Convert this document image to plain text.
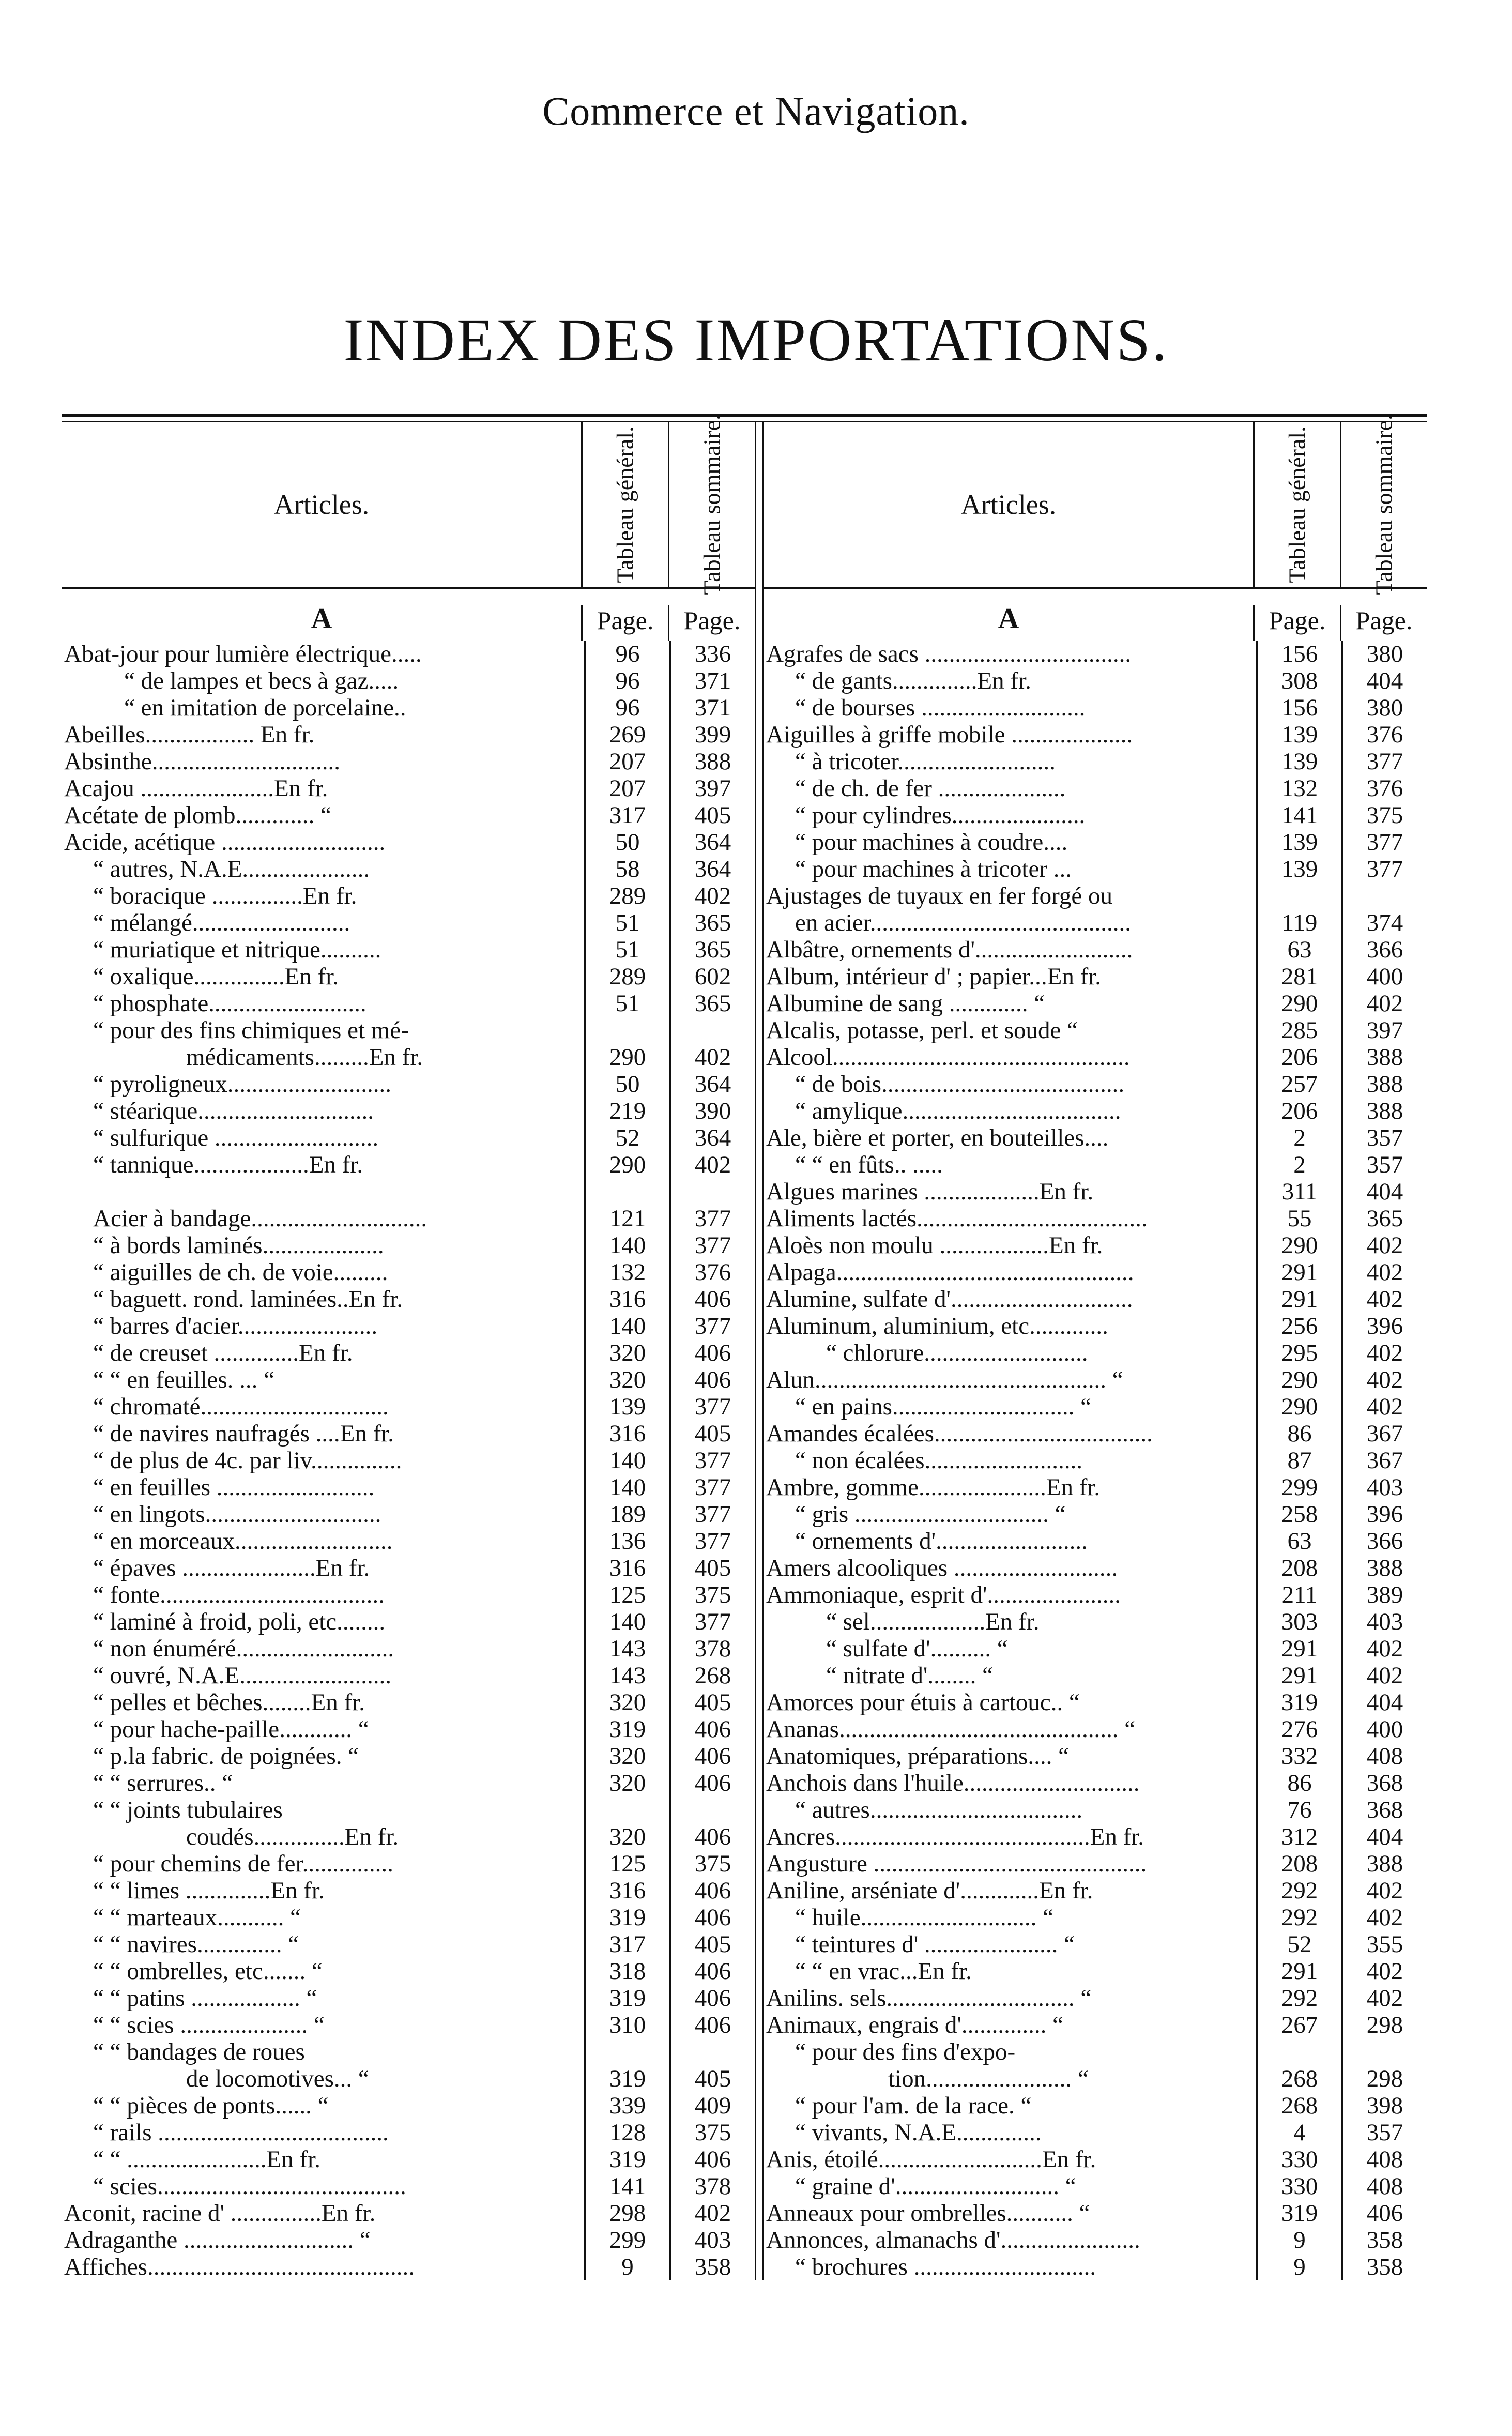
Commerce et Navigation.
INDEX DES IMPORTATIONS.
Articles.	Tableau général.	Tableau sommaire.
A	Page.	Page.
Abat-jour pour lumière électrique.....	96	336
“ de lampes et becs à gaz.....	96	371
“ en imitation de porcelaine..	96	371
Abeilles.................. En fr.	269	399
Absinthe...............................	207	388
Acajou ......................En fr.	207	397
Acétate de plomb............. “	317	405
Acide, acétique ...........................	50	364
“ autres, N.A.E.....................	58	364
“ boracique ...............En fr.	289	402
“ mélangé..........................	51	365
“ muriatique et nitrique..........	51	365
“ oxalique...............En fr.	289	602
“ phosphate..........................	51	365
“ pour des fins chimiques et mé-
médicaments.........En fr.	290	402
“ pyroligneux...........................	50	364
“ stéarique.............................	219	390
“ sulfurique ...........................	52	364
“ tannique...................En fr.	290	402
Acier à bandage.............................	121	377
“ à bords laminés....................	140	377
“ aiguilles de ch. de voie.........	132	376
“ baguett. rond. laminées..En fr.	316	406
“ barres d'acier.......................	140	377
“ de creuset ..............En fr.	320	406
“ “ en feuilles. ... “	320	406
“ chromaté...............................	139	377
“ de navires naufragés ....En fr.	316	405
“ de plus de 4c. par liv...............	140	377
“ en feuilles ..........................	140	377
“ en lingots.............................	189	377
“ en morceaux..........................	136	377
“ épaves ......................En fr.	316	405
“ fonte.....................................	125	375
“ laminé à froid, poli, etc........	140	377
“ non énuméré..........................	143	378
“ ouvré, N.A.E.........................	143	268
“ pelles et bêches........En fr.	320	405
“ pour hache-paille............ “	319	406
“ p.la fabric. de poignées. “	320	406
“ “ serrures.. “	320	406
“ “ joints tubulaires
coudés...............En fr.	320	406
“ pour chemins de fer...............	125	375
“ “ limes ..............En fr.	316	406
“ “ marteaux........... “	319	406
“ “ navires.............. “	317	405
“ “ ombrelles, etc....... “	318	406
“ “ patins .................. “	319	406
“ “ scies ..................... “	310	406
“ “ bandages de roues
de locomotives... “	319	405
“ “ pièces de ponts...... “	339	409
“ rails ......................................	128	375
“ “ .......................En fr.	319	406
“ scies.........................................	141	378
Aconit, racine d' ...............En fr.	298	402
Adraganthe ............................ “	299	403
Affiches............................................	9	358
Articles.	Tableau général.	Tableau sommaire.
A	Page.	Page.
Agrafes de sacs ..................................	156	380
“ de gants..............En fr.	308	404
“ de bourses ...........................	156	380
Aiguilles à griffe mobile ....................	139	376
“ à tricoter..........................	139	377
“ de ch. de fer .....................	132	376
“ pour cylindres......................	141	375
“ pour machines à coudre....	139	377
“ pour machines à tricoter ...	139	377
Ajustages de tuyaux en fer forgé ou
en acier...........................................	119	374
Albâtre, ornements d'..........................	63	366
Album, intérieur d' ; papier...En fr.	281	400
Albumine de sang ............. “	290	402
Alcalis, potasse, perl. et soude “	285	397
Alcool.................................................	206	388
“ de bois........................................	257	388
“ amylique....................................	206	388
Ale, bière et porter, en bouteilles....	2	357
“ “ en fûts.. .....	2	357
Algues marines ...................En fr.	311	404
Aliments lactés......................................	55	365
Aloès non moulu ..................En fr.	290	402
Alpaga.................................................	291	402
Alumine, sulfate d'..............................	291	402
Aluminum, aluminium, etc.............	256	396
“ chlorure...........................	295	402
Alun................................................ “	290	402
“ en pains.............................. “	290	402
Amandes écalées....................................	86	367
“ non écalées..........................	87	367
Ambre, gomme.....................En fr.	299	403
“ gris ................................ “	258	396
“ ornements d'.........................	63	366
Amers alcooliques ...........................	208	388
Ammoniaque, esprit d'......................	211	389
“ sel...................En fr.	303	403
“ sulfate d'.......... “	291	402
“ nitrate d'........ “	291	402
Amorces pour étuis à cartouc.. “	319	404
Ananas.............................................. “	276	400
Anatomiques, préparations.... “	332	408
Anchois dans l'huile.............................	86	368
“ autres...................................	76	368
Ancres..........................................En fr.	312	404
Angusture .............................................	208	388
Aniline, arséniate d'.............En fr.	292	402
“ huile............................. “	292	402
“ teintures d' ...................... “	52	355
“ “ en vrac...En fr.	291	402
Anilins. sels............................... “	292	402
Animaux, engrais d'.............. “	267	298
“ pour des fins d'expo-
tion........................ “	268	298
“ pour l'am. de la race. “	268	398
“ vivants, N.A.E..............	4	357
Anis, étoilé...........................En fr.	330	408
“ graine d'........................... “	330	408
Anneaux pour ombrelles........... “	319	406
Annonces, almanachs d'.......................	9	358
“ brochures ..............................	9	358
